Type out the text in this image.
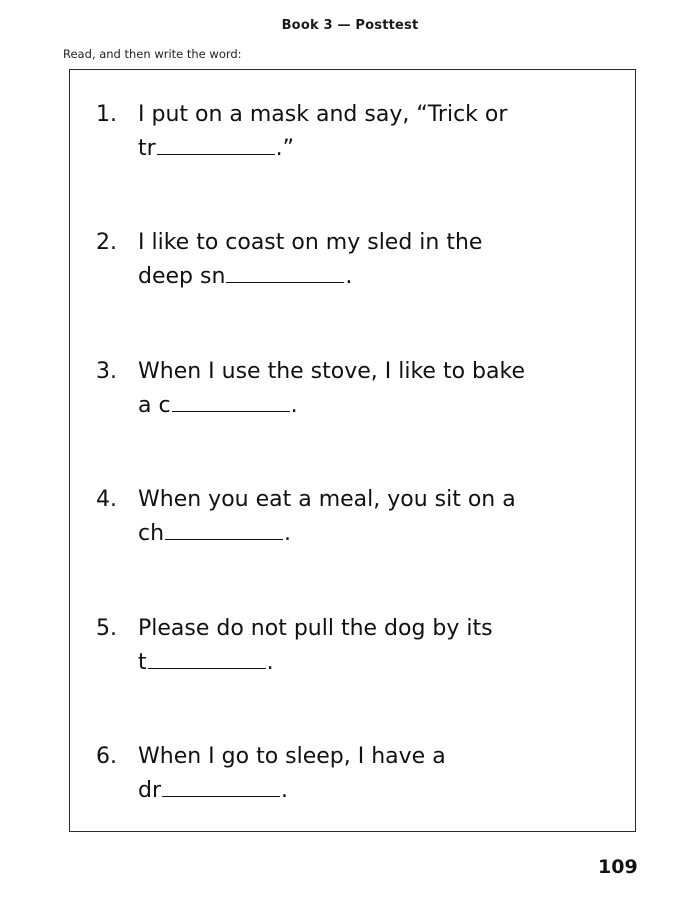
Book 3 — Posttest
Read, and then write the word:
1. I put on a mask and say, “Trick or
tr	.”
2. I like to coast on my sled in the
deep sn	.
3. When I use the stove, I like to bake
a c	.
4. When you eat a meal, you sit on a
ch	.
5. Please do not pull the dog by its
t	.
6. When I go to sleep, I have a
dr	.
109
